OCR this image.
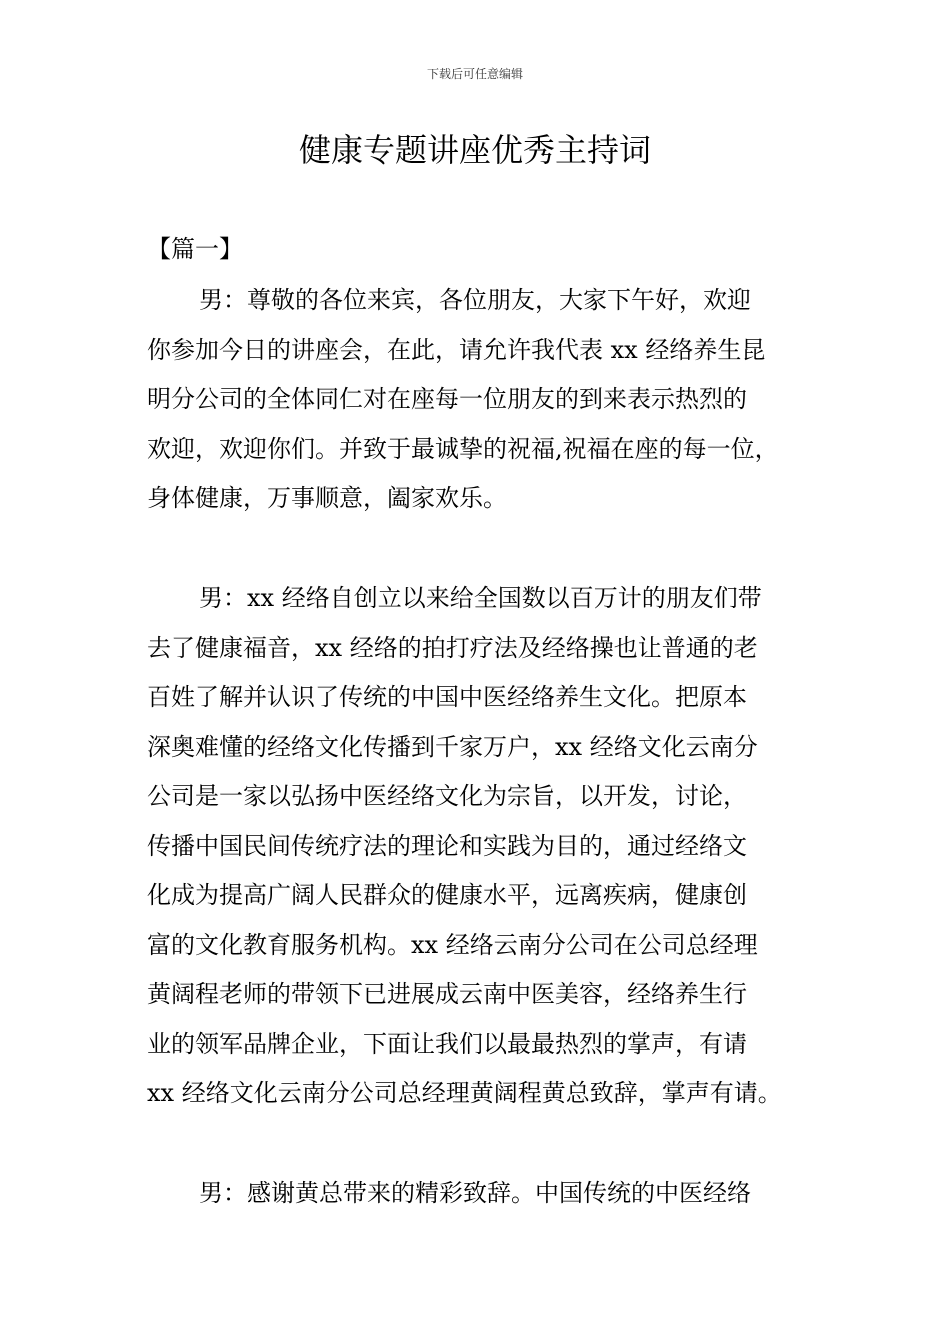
下载后可任意编辑
健康专题讲座优秀主持词
【篇一】
男：尊敬的各位来宾，各位朋友，大家下午好，欢迎
你参加今日的讲座会，在此，请允许我代表 xx 经络养生昆
明分公司的全体同仁对在座每一位朋友的到来表示热烈的
欢迎，欢迎你们。并致于最诚挚的祝福,祝福在座的每一位，
身体健康，万事顺意，阖家欢乐。
男：xx 经络自创立以来给全国数以百万计的朋友们带
去了健康福音，xx 经络的拍打疗法及经络操也让普通的老
百姓了解并认识了传统的中国中医经络养生文化。把原本
深奥难懂的经络文化传播到千家万户，xx 经络文化云南分
公司是一家以弘扬中医经络文化为宗旨，以开发，讨论，
传播中国民间传统疗法的理论和实践为目的，通过经络文
化成为提高广阔人民群众的健康水平，远离疾病，健康创
富的文化教育服务机构。xx 经络云南分公司在公司总经理
黄阔程老师的带领下已进展成云南中医美容，经络养生行
业的领军品牌企业，下面让我们以最最热烈的掌声，有请
xx 经络文化云南分公司总经理黄阔程黄总致辞，掌声有请。
男：感谢黄总带来的精彩致辞。中国传统的中医经络
